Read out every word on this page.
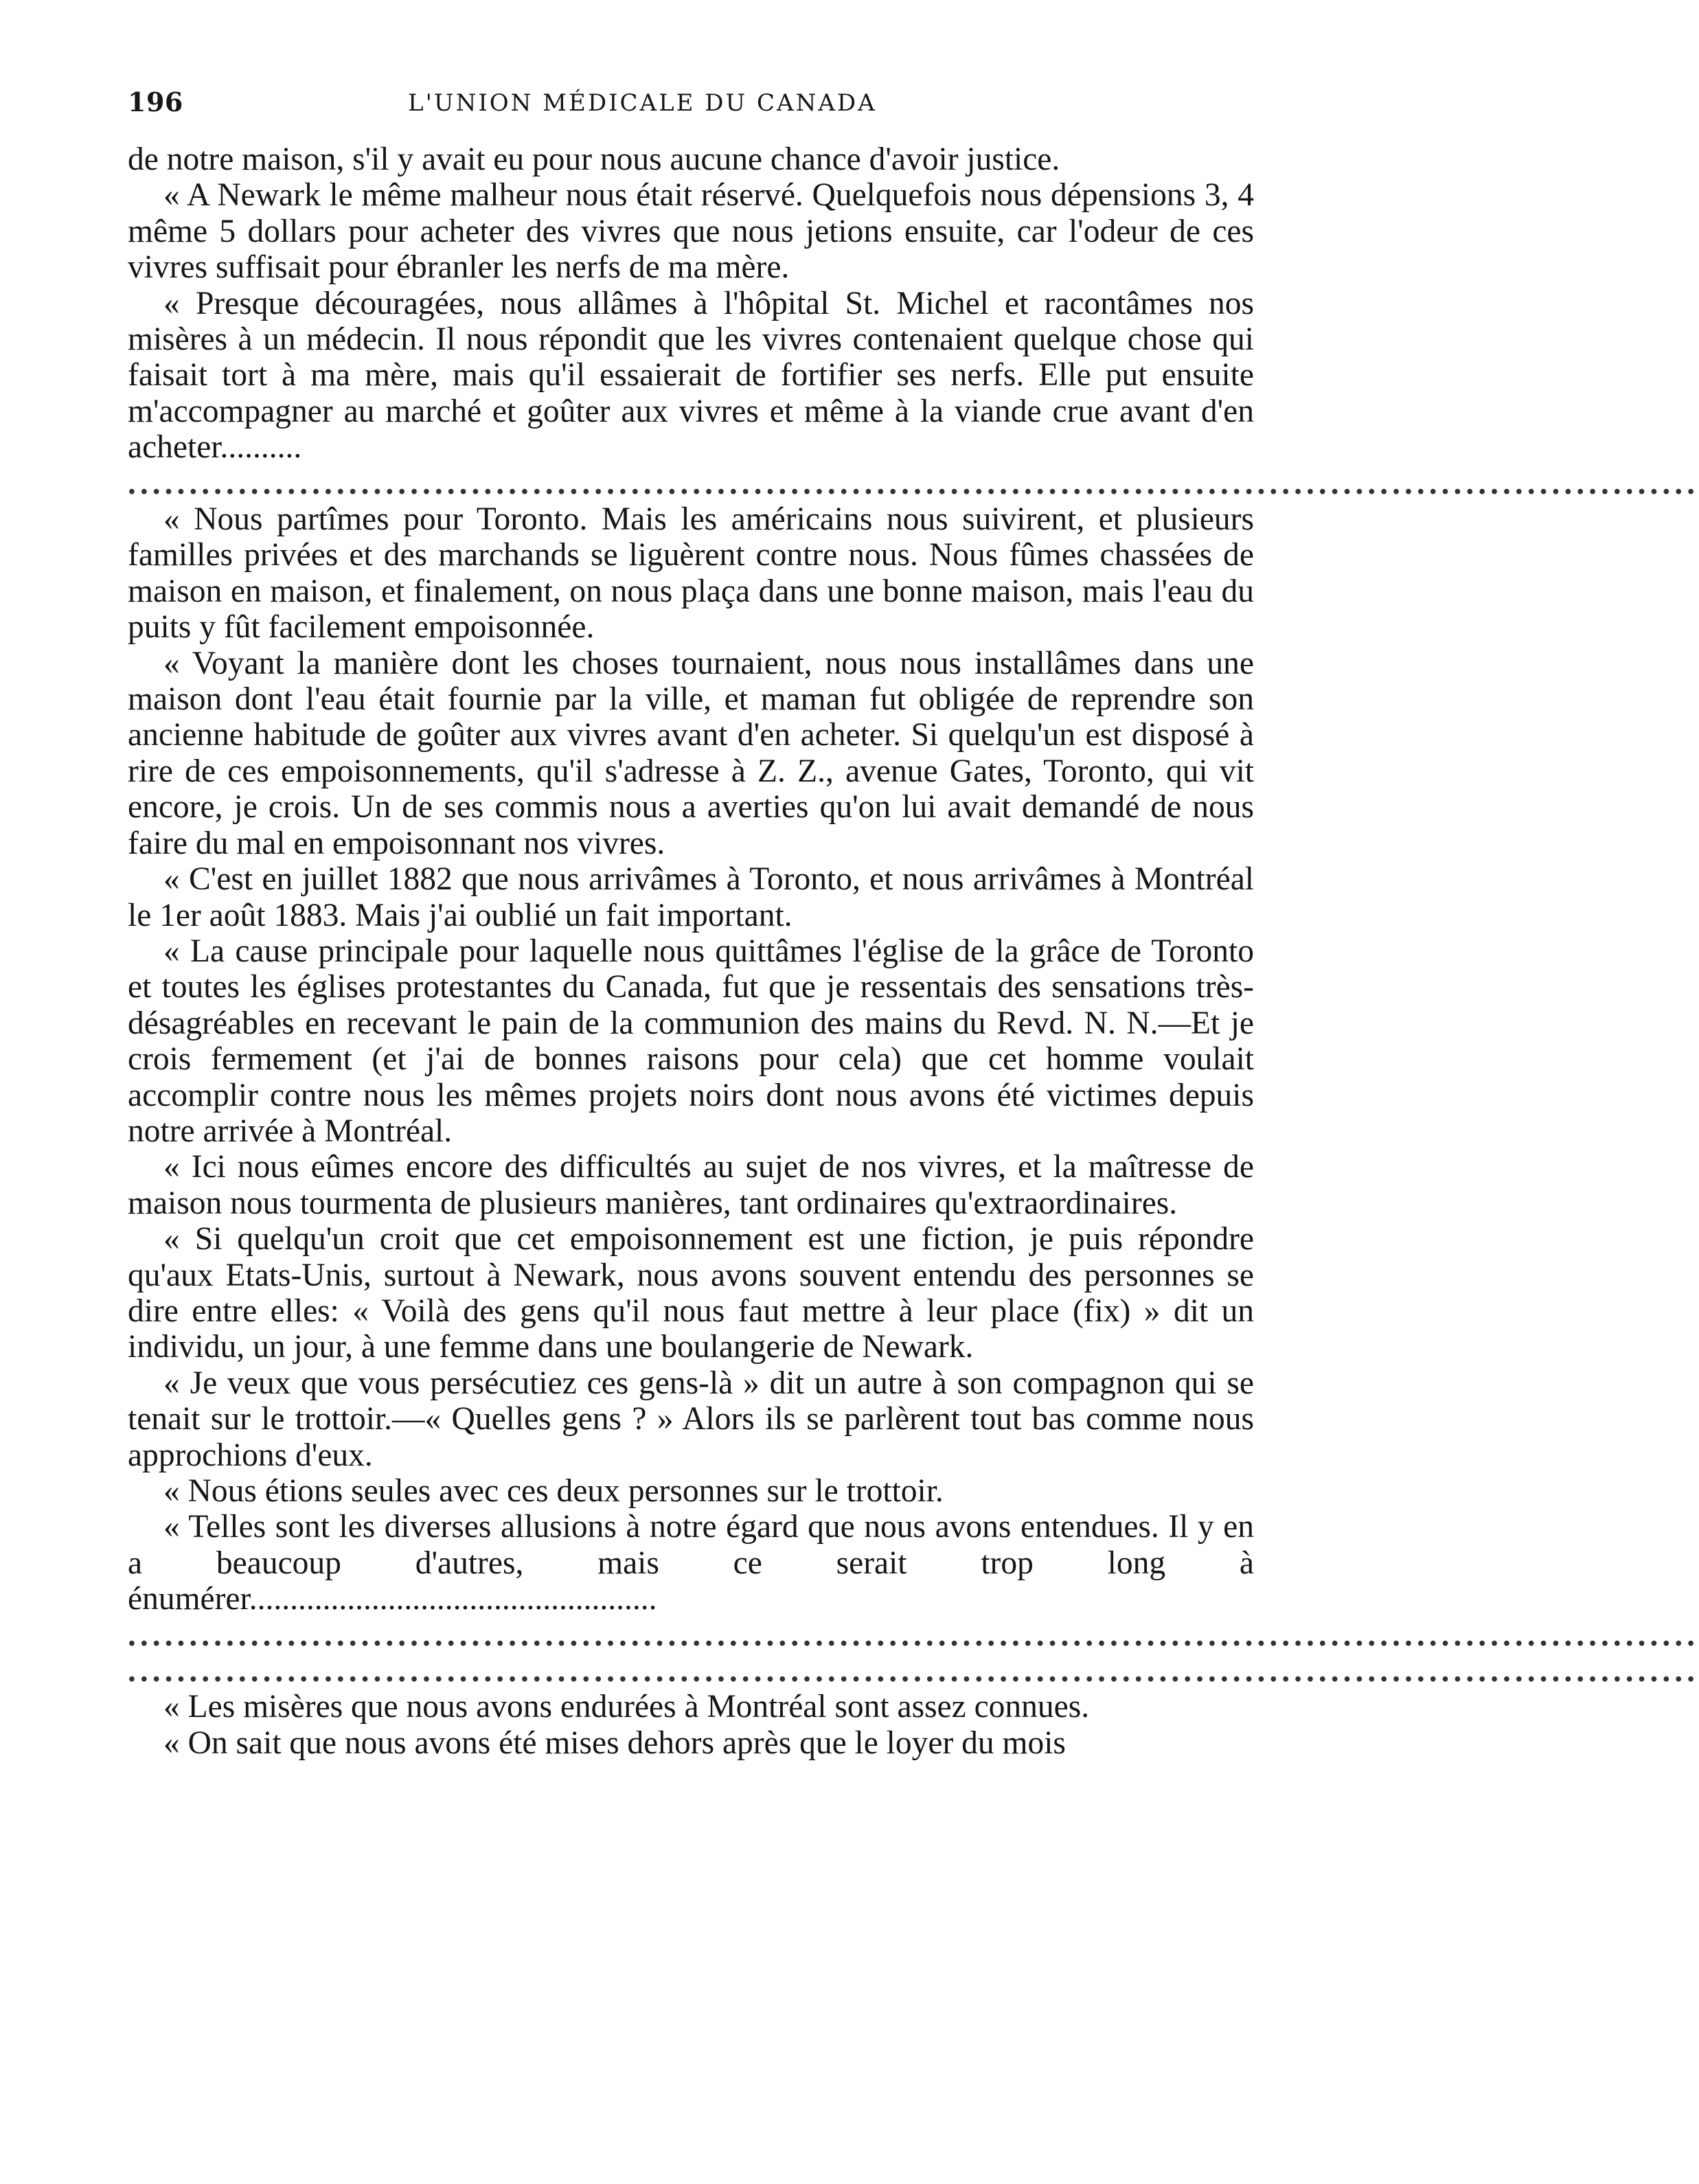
196	L'UNION MÉDICALE DU CANADA

de notre maison, s'il y avait eu pour nous aucune chance d'avoir justice.

« A Newark le même malheur nous était réservé. Quelquefois nous dépensions 3, 4 même 5 dollars pour acheter des vivres que nous jetions ensuite, car l'odeur de ces vivres suffisait pour ébranler les nerfs de ma mère.

« Presque découragées, nous allâmes à l'hôpital St. Michel et racontâmes nos misères à un médecin. Il nous répondit que les vivres contenaient quelque chose qui faisait tort à ma mère, mais qu'il essaierait de fortifier ses nerfs. Elle put ensuite m'accompagner au marché et goûter aux vivres et même à la viande crue avant d'en acheter..........

................................................................................................................................

« Nous partîmes pour Toronto. Mais les américains nous suivirent, et plusieurs familles privées et des marchands se liguèrent contre nous. Nous fûmes chassées de maison en maison, et finalement, on nous plaça dans une bonne maison, mais l'eau du puits y fût facilement empoisonnée.

« Voyant la manière dont les choses tournaient, nous nous installâmes dans une maison dont l'eau était fournie par la ville, et maman fut obligée de reprendre son ancienne habitude de goûter aux vivres avant d'en acheter. Si quelqu'un est disposé à rire de ces empoisonnements, qu'il s'adresse à Z. Z., avenue Gates, Toronto, qui vit encore, je crois. Un de ses commis nous a averties qu'on lui avait demandé de nous faire du mal en empoisonnant nos vivres.

« C'est en juillet 1882 que nous arrivâmes à Toronto, et nous arrivâmes à Montréal le 1er août 1883. Mais j'ai oublié un fait important.

« La cause principale pour laquelle nous quittâmes l'église de la grâce de Toronto et toutes les églises protestantes du Canada, fut que je ressentais des sensations très-désagréables en recevant le pain de la communion des mains du Revd. N. N.—Et je crois fermement (et j'ai de bonnes raisons pour cela) que cet homme voulait accomplir contre nous les mêmes projets noirs dont nous avons été victimes depuis notre arrivée à Montréal.

« Ici nous eûmes encore des difficultés au sujet de nos vivres, et la maîtresse de maison nous tourmenta de plusieurs manières, tant ordinaires qu'extraordinaires.

« Si quelqu'un croit que cet empoisonnement est une fiction, je puis répondre qu'aux Etats-Unis, surtout à Newark, nous avons souvent entendu des personnes se dire entre elles: « Voilà des gens qu'il nous faut mettre à leur place (fix) » dit un individu, un jour, à une femme dans une boulangerie de Newark.

« Je veux que vous persécutiez ces gens-là » dit un autre à son compagnon qui se tenait sur le trottoir.—« Quelles gens ? » Alors ils se parlèrent tout bas comme nous approchions d'eux.

« Nous étions seules avec ces deux personnes sur le trottoir.

« Telles sont les diverses allusions à notre égard que nous avons entendues. Il y en a beaucoup d'autres, mais ce serait trop long à énumérer..................................................

................................................................................................................................

................................................................................................................................

« Les misères que nous avons endurées à Montréal sont assez connues.

« On sait que nous avons été mises dehors après que le loyer du mois
